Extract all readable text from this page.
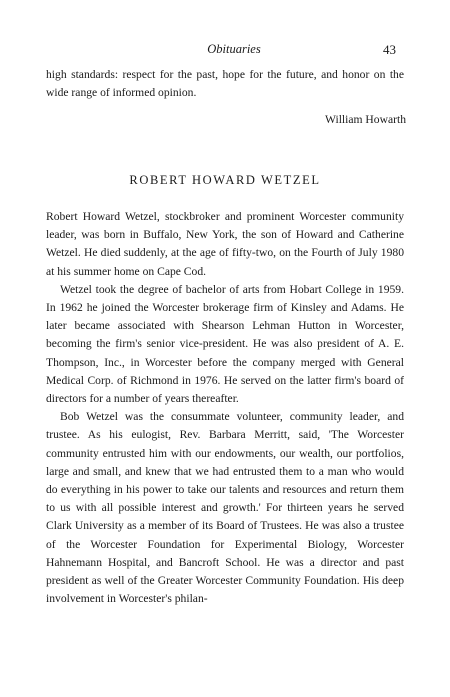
Obituaries	43

high standards: respect for the past, hope for the future, and honor on the wide range of informed opinion.

William Howarth
ROBERT HOWARD WETZEL

Robert Howard Wetzel, stockbroker and prominent Worcester community leader, was born in Buffalo, New York, the son of Howard and Catherine Wetzel. He died suddenly, at the age of fifty-two, on the Fourth of July 1980 at his summer home on Cape Cod.

Wetzel took the degree of bachelor of arts from Hobart College in 1959. In 1962 he joined the Worcester brokerage firm of Kinsley and Adams. He later became associated with Shearson Lehman Hutton in Worcester, becoming the firm's senior vice-president. He was also president of A. E. Thompson, Inc., in Worcester before the company merged with General Medical Corp. of Richmond in 1976. He served on the latter firm's board of directors for a number of years thereafter.

Bob Wetzel was the consummate volunteer, community leader, and trustee. As his eulogist, Rev. Barbara Merritt, said, 'The Worcester community entrusted him with our endowments, our wealth, our portfolios, large and small, and knew that we had entrusted them to a man who would do everything in his power to take our talents and resources and return them to us with all possible interest and growth.' For thirteen years he served Clark University as a member of its Board of Trustees. He was also a trustee of the Worcester Foundation for Experimental Biology, Worcester Hahnemann Hospital, and Bancroft School. He was a director and past president as well of the Greater Worcester Community Foundation. His deep involvement in Worcester's philan-
